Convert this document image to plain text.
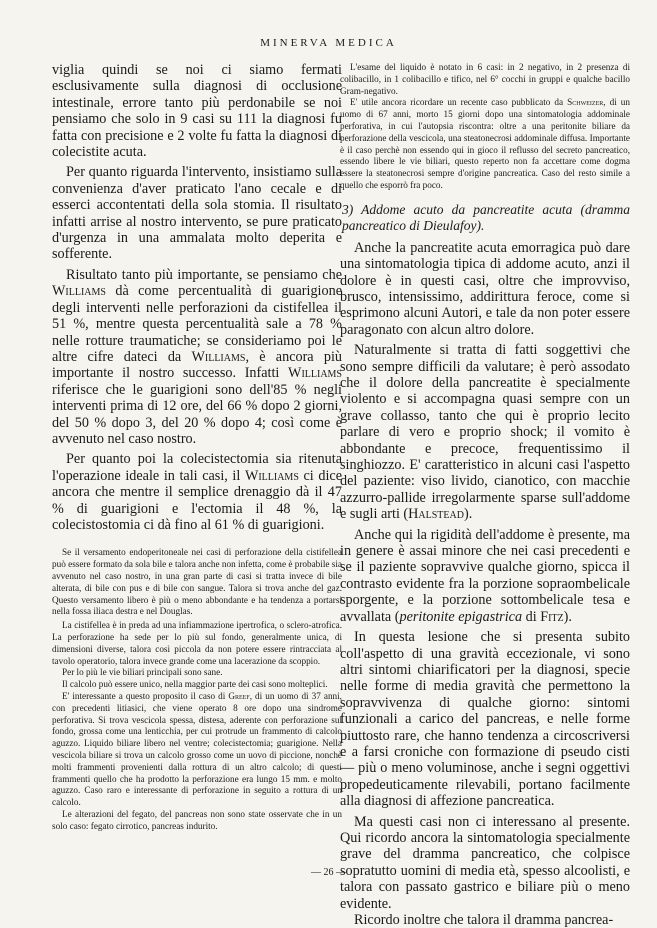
MINERVA MEDICA

viglia quindi se noi ci siamo fermati esclusivamente sulla diagnosi di occlusione intestinale, errore tanto più perdonabile se noi pensiamo che solo in 9 casi su 111 la diagnosi fu fatta con precisione e 2 volte fu fatta la diagnosi di colecistite acuta.

Per quanto riguarda l'intervento, insistiamo sulla convenienza d'aver praticato l'ano cecale e di esserci accontentati della sola stomia. Il risultato infatti arrise al nostro intervento, se pure praticato d'urgenza in una ammalata molto deperita e sofferente.

Risultato tanto più importante, se pensiamo che Williams dà come percentualità di guarigione degli interventi nelle perforazioni da cistifellea il 51 %, mentre questa percentualità sale a 78 % nelle rotture traumatiche; se consideriamo poi le altre cifre dateci da Williams, è ancora più importante il nostro successo. Infatti Williams riferisce che le guarigioni sono dell'85 % negli interventi prima di 12 ore, del 66 % dopo 2 giorni, del 50 % dopo 3, del 20 % dopo 4; così come è avvenuto nel caso nostro.

Per quanto poi la colecistectomia sia ritenuta l'operazione ideale in tali casi, il Williams ci dice ancora che mentre il semplice drenaggio dà il 47 % di guarigioni e l'ectomia il 48 %, la colecistostomia ci dà fino al 61 % di guarigioni.

Se il versamento endoperitoneale nei casi di perforazione della cistifellea può essere formato da sola bile e talora anche non infetta, come è probabile sia avvenuto nel caso nostro, in una gran parte di casi si tratta invece di bile alterata, di bile con pus e di bile con sangue. Talora si trova anche del gaz. Questo versamento libero è più o meno abbondante e ha tendenza a portarsi nella fossa iliaca destra e nel Douglas.

La cistifellea è in preda ad una infiammazione ipertrofica, o sclero-atrofica. La perforazione ha sede per lo più sul fondo, generalmente unica, di dimensioni diverse, talora così piccola da non potere essere rintracciata al tavolo operatorio, talora invece grande come una lacerazione da scoppio.

Per lo più le vie biliari principali sono sane.

Il calcolo può essere unico, nella maggior parte dei casi sono molteplici.

E' interessante a questo proposito il caso di Greef, di un uomo di 37 anni, con precedenti litiasici, che viene operato 8 ore dopo una sindrome perforativa. Si trova vescicola spessa, distesa, aderente con perforazione sul fondo, grossa come una lenticchia, per cui protrude un frammento di calcolo aguzzo. Liquido biliare libero nel ventre; colecistectomia; guarigione. Nella vescicola biliare si trova un calcolo grosso come un uovo di piccione, nonchè molti frammenti provenienti dalla rottura di un altro calcolo; di questi frammenti quello che ha prodotto la perforazione era lungo 15 mm. e molto aguzzo. Caso raro e interessante di perforazione in seguito a rottura di un calcolo.

Le alterazioni del fegato, del pancreas non sono state osservate che in un solo caso: fegato cirrotico, pancreas indurito.

L'esame del liquido è notato in 6 casi: in 2 negativo, in 2 presenza di colibacillo, in 1 colibacillo e tifico, nel 6° cocchi in gruppi e qualche bacillo Gram-negativo.

E' utile ancora ricordare un recente caso pubblicato da Schweizer, di un uomo di 67 anni, morto 15 giorni dopo una sintomatologia addominale perforativa, in cui l'autopsia riscontra: oltre a una peritonite biliare da perforazione della vescicola, una steatonecrosi addominale diffusa. Importante è il caso perchè non essendo qui in gioco il reflusso del secreto pancreatico, essendo libere le vie biliari, questo reperto non fa accettare come dogma essere la steatonecrosi sempre d'origine pancreatica. Caso del resto simile a quello che esporrò fra poco.

3) Addome acuto da pancreatite acuta (dramma pancreatico di Dieulafoy).

Anche la pancreatite acuta emorragica può dare una sintomatologia tipica di addome acuto, anzi il dolore è in questi casi, oltre che improvviso, brusco, intensissimo, addirittura feroce, come si esprimono alcuni Autori, e tale da non poter essere paragonato con alcun altro dolore.

Naturalmente si tratta di fatti soggettivi che sono sempre difficili da valutare; è però assodato che il dolore della pancreatite è specialmente violento e si accompagna quasi sempre con un grave collasso, tanto che qui è proprio lecito parlare di vero e proprio shock; il vomito è abbondante e precoce, frequentissimo il singhiozzo. E' caratteristico in alcuni casi l'aspetto del paziente: viso livido, cianotico, con macchie azzurro-pallide irregolarmente sparse sull'addome e sugli arti (Halstead).

Anche qui la rigidità dell'addome è presente, ma in genere è assai minore che nei casi precedenti e se il paziente sopravvive qualche giorno, spicca il contrasto evidente fra la porzione sopraombelicale sporgente, e la porzione sottombelicale tesa e avvallata (peritonite epigastrica di Fitz).

In questa lesione che si presenta subito coll'aspetto di una gravità eccezionale, vi sono altri sintomi chiarificatori per la diagnosi, specie nelle forme di media gravità che permettono la sopravvivenza di qualche giorno: sintomi funzionali a carico del pancreas, e nelle forme piuttosto rare, che hanno tendenza a circoscriversi e a farsi croniche con formazione di pseudo cisti — più o meno voluminose, anche i segni oggettivi propedeuticamente rilevabili, portano facilmente alla diagnosi di affezione pancreatica.

Ma questi casi non ci interessano al presente. Qui ricordo ancora la sintomatologia specialmente grave del dramma pancreatico, che colpisce sopratutto uomini di media età, spesso alcoolisti, e talora con passato gastrico e biliare più o meno evidente.

Ricordo inoltre che talora il dramma pancrea-

— 26 —
